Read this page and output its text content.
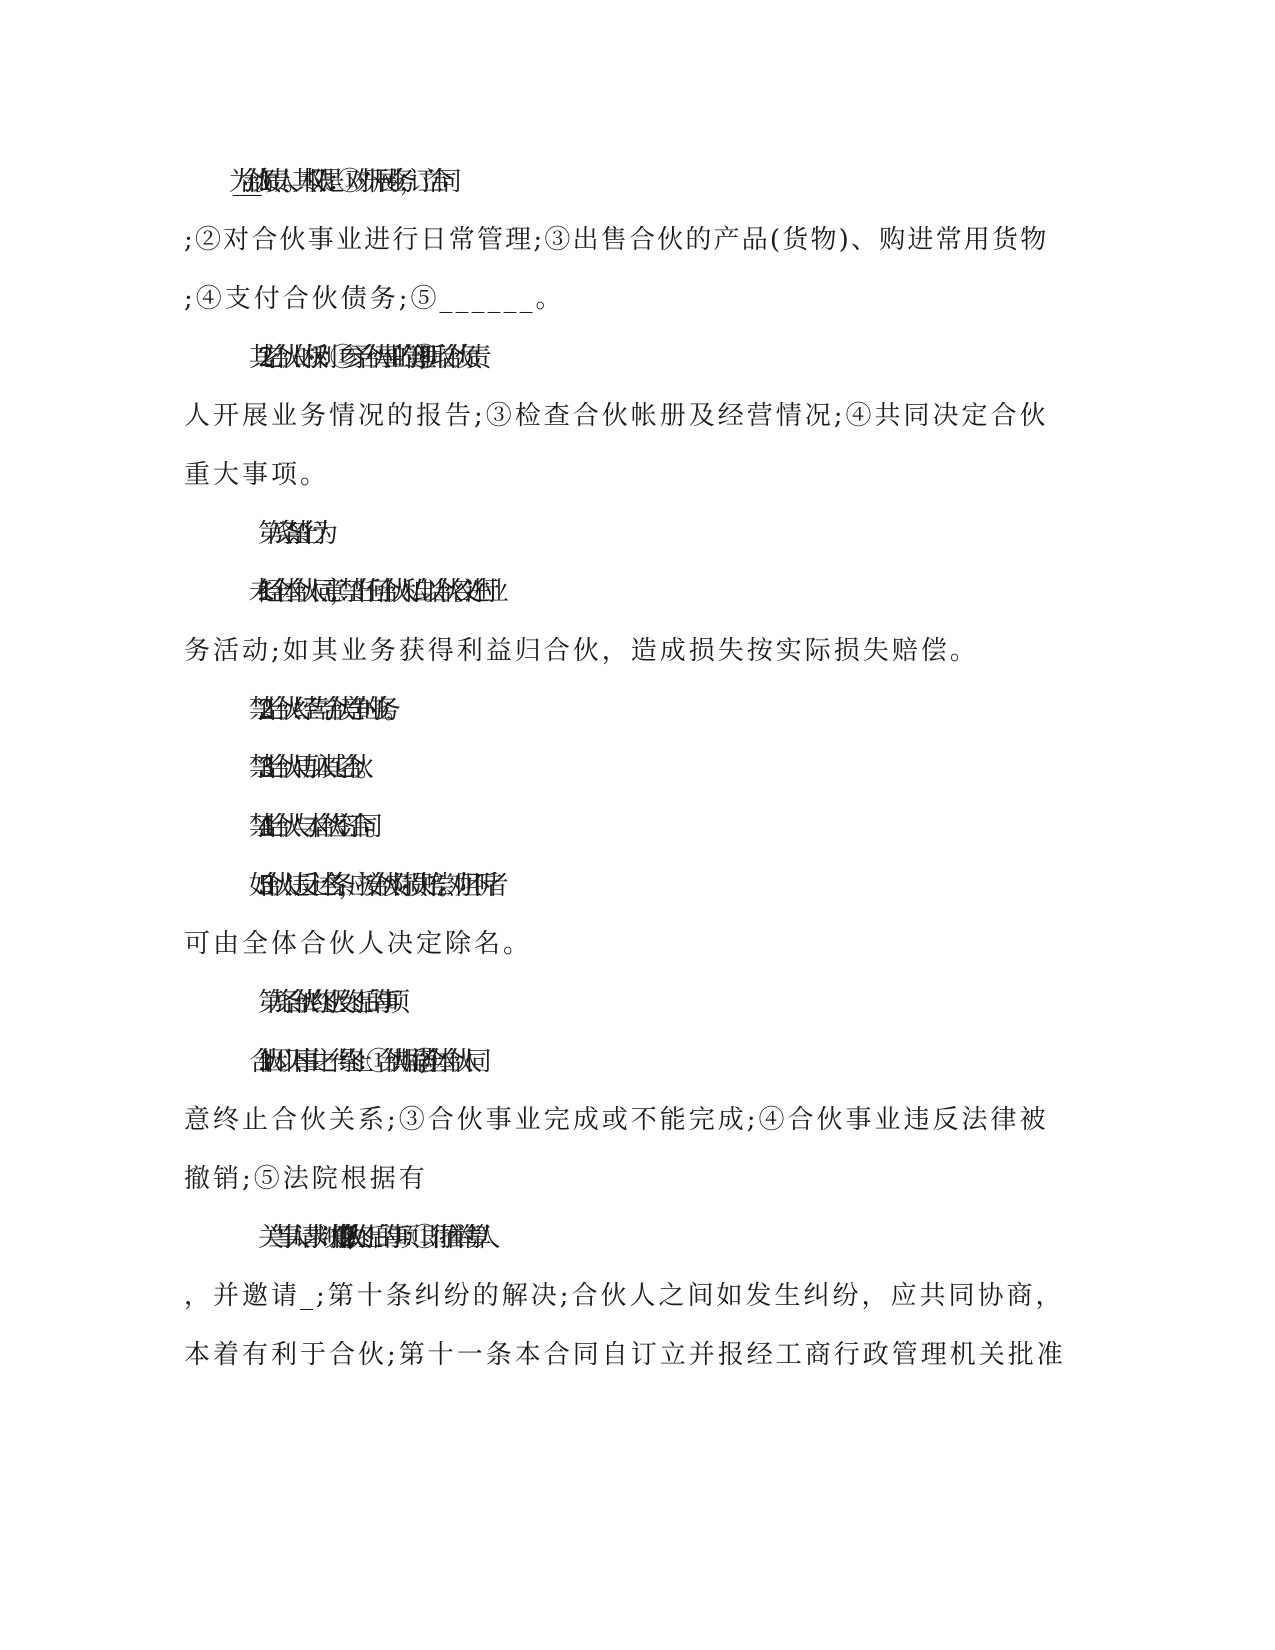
1._____为合伙负责人。其权限是：①对外开展业务，订立合同
;②对合伙事业进行日常管理;③出售合伙的产品(货物)、购进常用货物
;④支付合伙债务;⑤______。
2.其它合伙人的权利：①参予合伙事业的管理;②听取合伙负责
人开展业务情况的报告;③检查合伙帐册及经营情况;④共同决定合伙
重大事项。
第八条禁止行为
1.未经全体合伙人同意，禁止任何合伙人私自以合伙名义进行业
务活动;如其业务获得利益归合伙，造成损失按实际损失赔偿。
2.禁止合伙人经营与合伙竞争的业务。
3.禁止合伙人再加入其它合伙。
4.禁止合伙人与本合伙签订合同。
5.如合伙人违反上述各条，应按合伙实际损失赔偿。劝阻不听者
可由全体合伙人决定除名。
第九条合伙的终止及终止后的事项
1.合伙因以下事由之一得终止：①合伙期届满;②全体合伙人同
意终止合伙关系;③合伙事业完成或不能完成;④合伙事业违反法律被
撤销;⑤法院根据有
关当事人请求判决解散;2.合伙终止后的事项：①即行推举清算人
，并邀请_;第十条纠纷的解决;合伙人之间如发生纠纷，应共同协商，
本着有利于合伙;第十一条本合同自订立并报经工商行政管理机关批准
